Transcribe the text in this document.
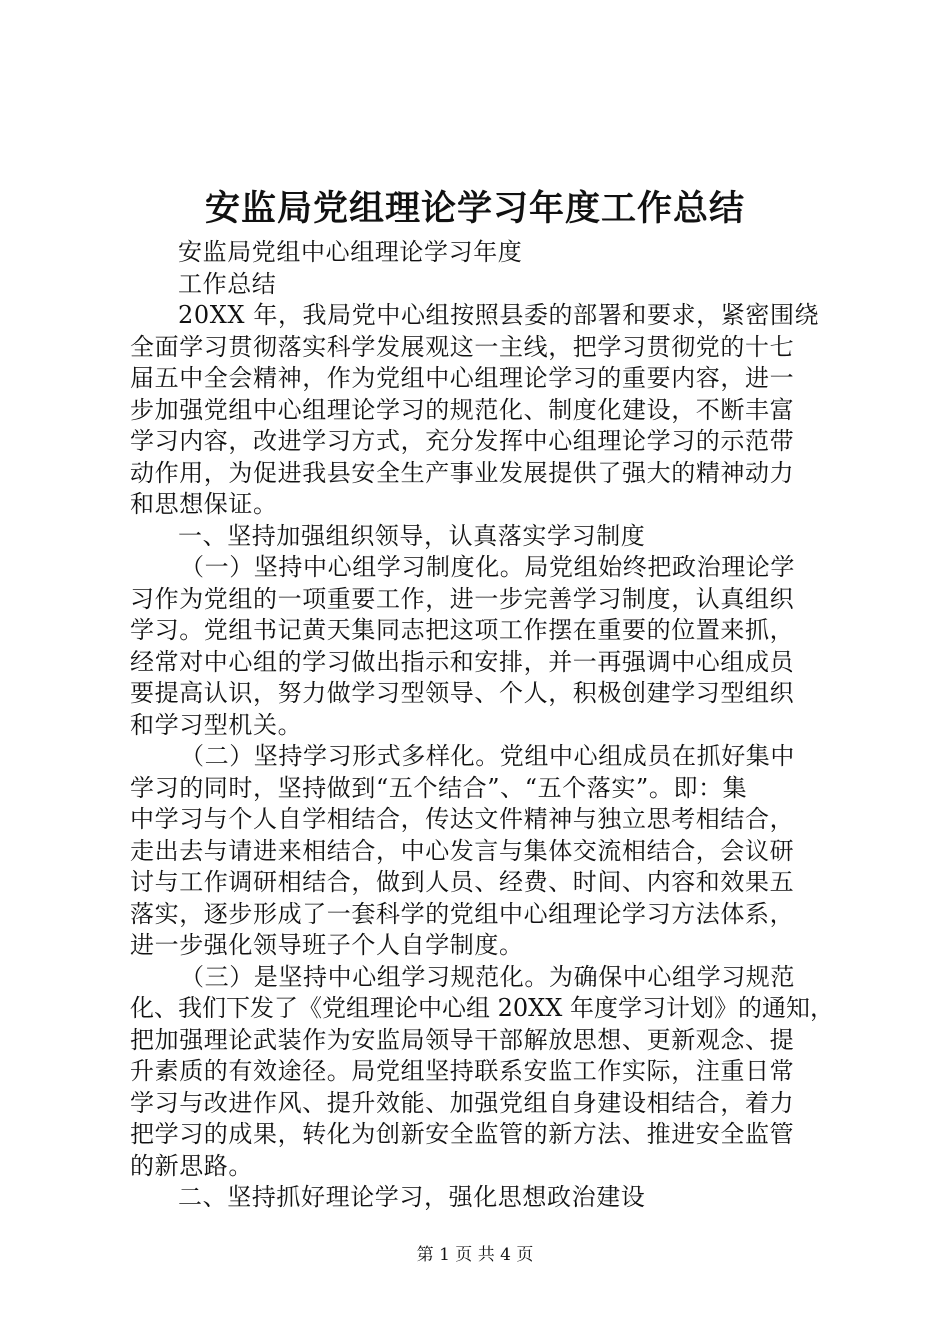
安监局党组理论学习年度工作总结
安监局党组中心组理论学习年度
工作总结
20XX 年，我局党中心组按照县委的部署和要求，紧密围绕
全面学习贯彻落实科学发展观这一主线，把学习贯彻党的十七
届五中全会精神，作为党组中心组理论学习的重要内容，进一
步加强党组中心组理论学习的规范化、制度化建设，不断丰富
学习内容，改进学习方式，充分发挥中心组理论学习的示范带
动作用，为促进我县安全生产事业发展提供了强大的精神动力
和思想保证。
一、坚持加强组织领导，认真落实学习制度
（一）坚持中心组学习制度化。局党组始终把政治理论学
习作为党组的一项重要工作，进一步完善学习制度，认真组织
学习。党组书记黄天集同志把这项工作摆在重要的位置来抓，
经常对中心组的学习做出指示和安排，并一再强调中心组成员
要提高认识，努力做学习型领导、个人，积极创建学习型组织
和学习型机关。
（二）坚持学习形式多样化。党组中心组成员在抓好集中
学习的同时，坚持做到“五个结合”、“五个落实”。即：集
中学习与个人自学相结合，传达文件精神与独立思考相结合，
走出去与请进来相结合，中心发言与集体交流相结合，会议研
讨与工作调研相结合，做到人员、经费、时间、内容和效果五
落实，逐步形成了一套科学的党组中心组理论学习方法体系，
进一步强化领导班子个人自学制度。
（三）是坚持中心组学习规范化。为确保中心组学习规范
化、我们下发了《党组理论中心组 20XX 年度学习计划》的通知，
把加强理论武装作为安监局领导干部解放思想、更新观念、提
升素质的有效途径。局党组坚持联系安监工作实际，注重日常
学习与改进作风、提升效能、加强党组自身建设相结合，着力
把学习的成果，转化为创新安全监管的新方法、推进安全监管
的新思路。
二、坚持抓好理论学习，强化思想政治建设
第 1 页 共 4 页
